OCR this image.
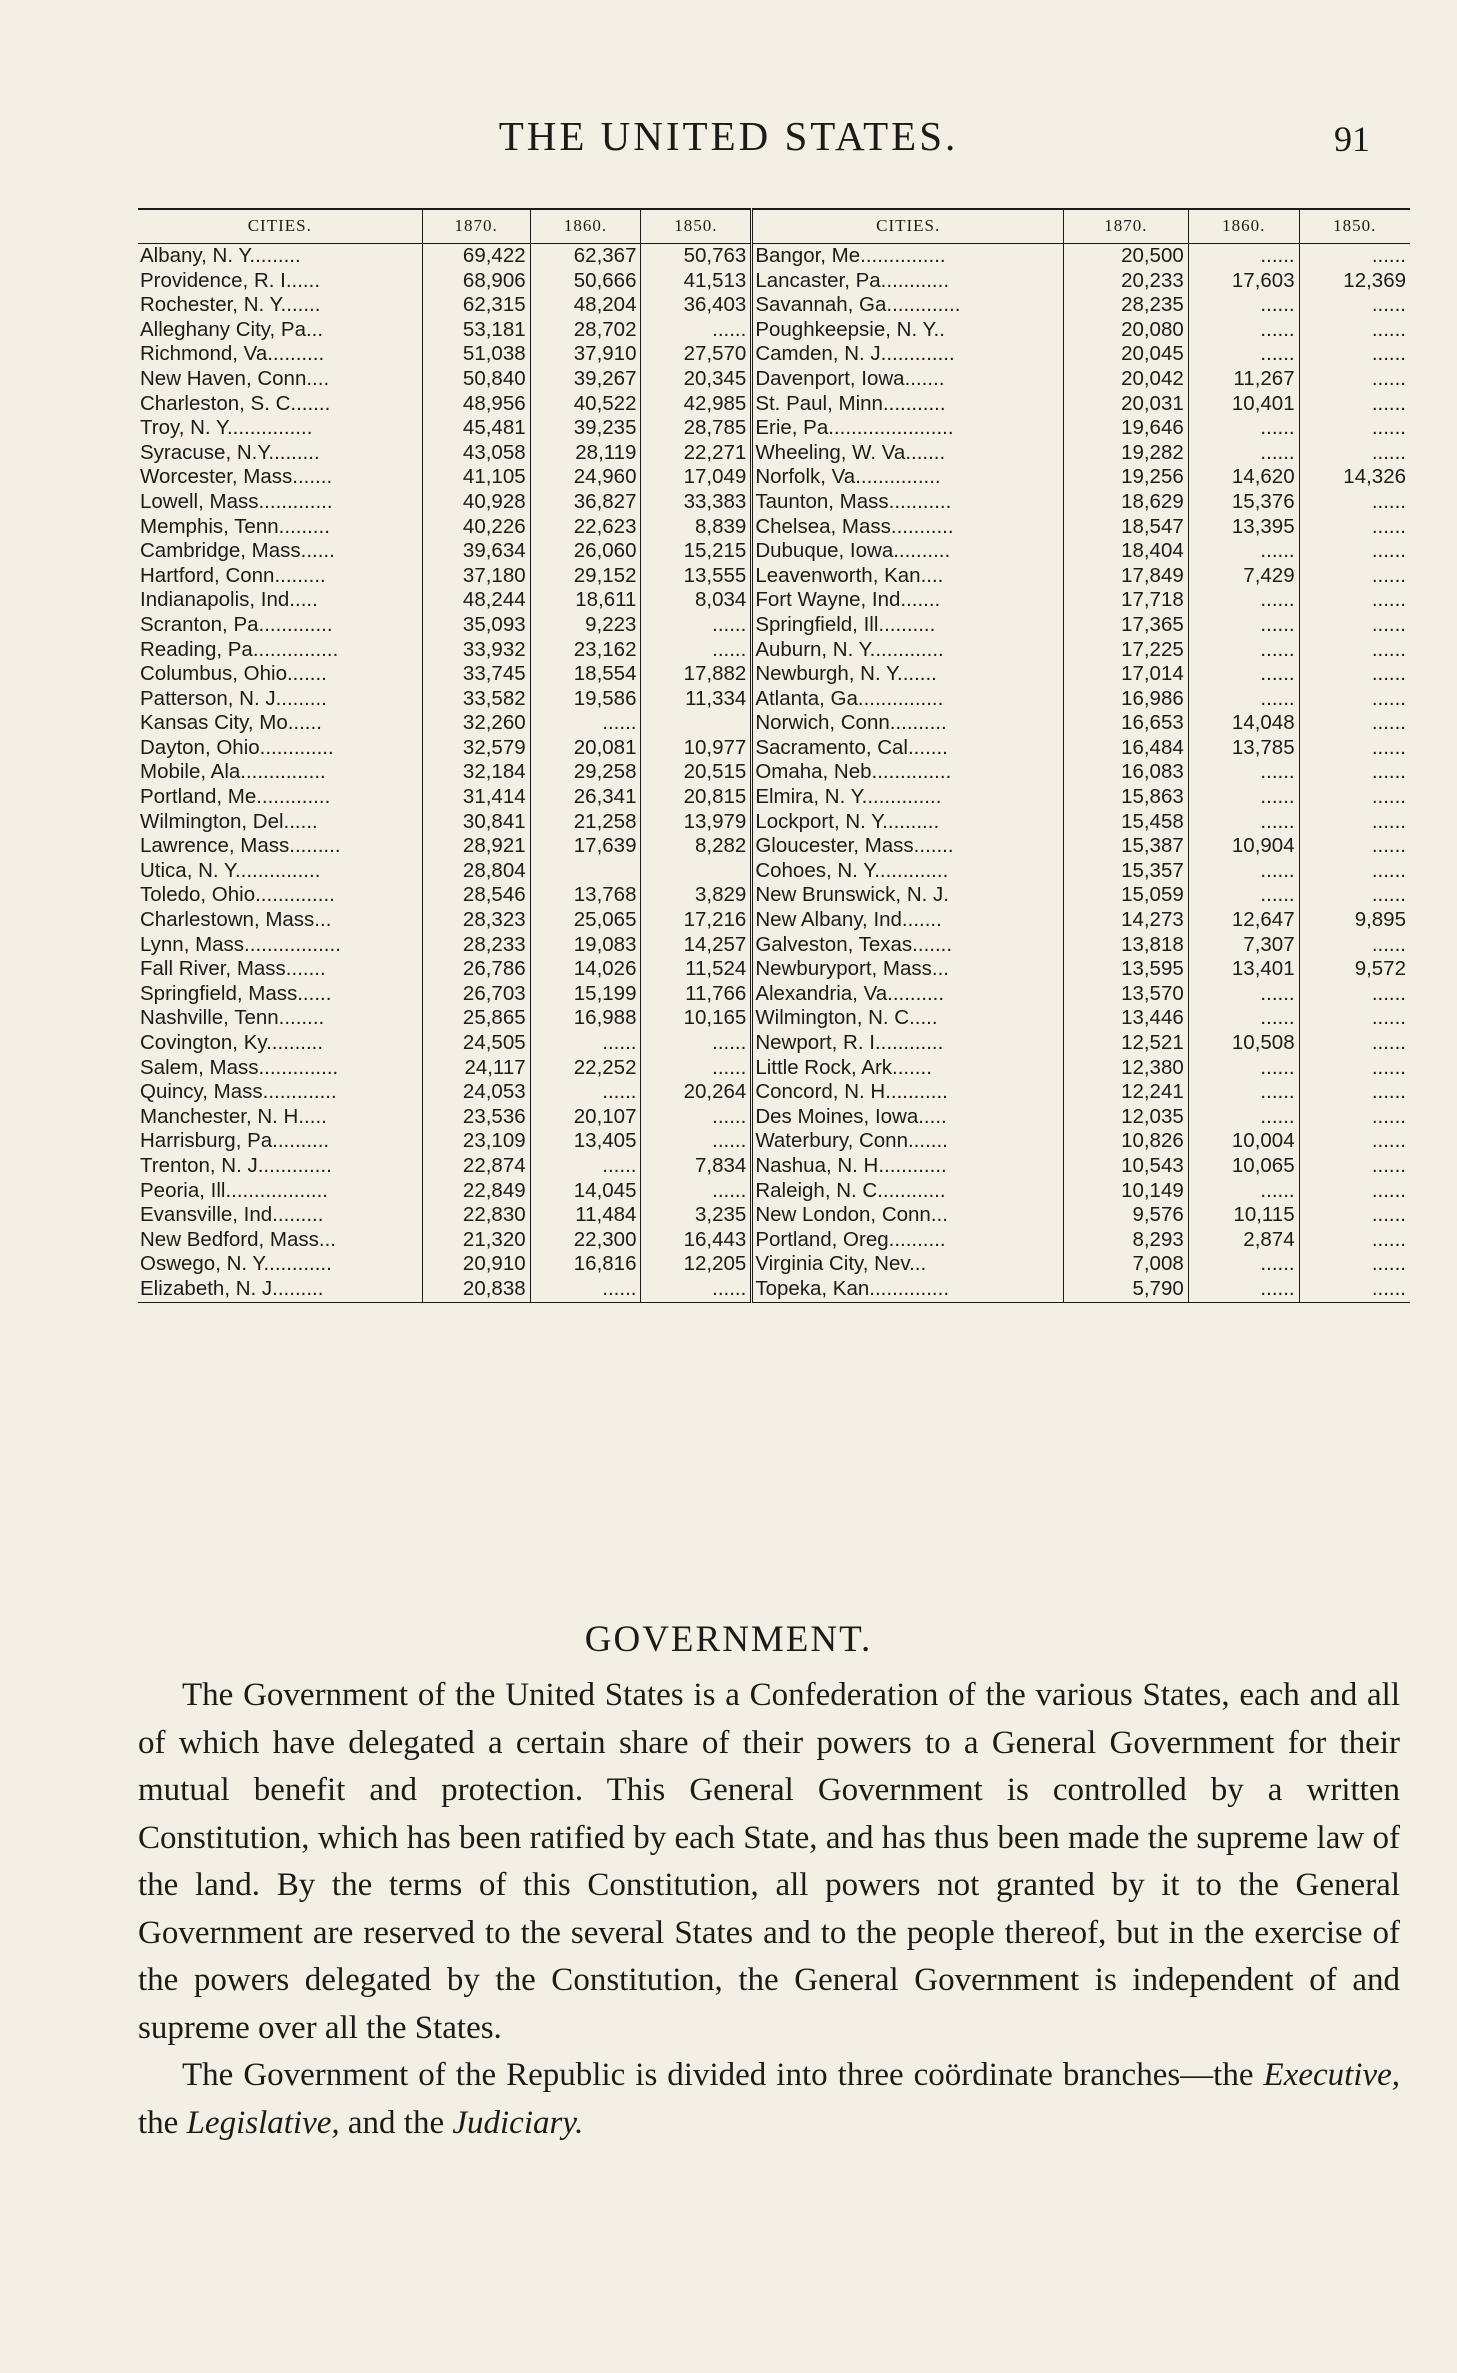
THE UNITED STATES.	91
CITIES.	1870.	1860.	1850.	CITIES.	1870.	1860.	1850.
Albany, N. Y.........	69,422	62,367	50,763	Bangor, Me...............	20,500	......	......
Providence, R. I......	68,906	50,666	41,513	Lancaster, Pa............	20,233	17,603	12,369
Rochester, N. Y.......	62,315	48,204	36,403	Savannah, Ga.............	28,235	......	......
Alleghany City, Pa...	53,181	28,702	......	Poughkeepsie, N. Y..	20,080	......	......
Richmond, Va..........	51,038	37,910	27,570	Camden, N. J.............	20,045	......	......
New Haven, Conn....	50,840	39,267	20,345	Davenport, Iowa.......	20,042	11,267	......
Charleston, S. C.......	48,956	40,522	42,985	St. Paul, Minn...........	20,031	10,401	......
Troy, N. Y...............	45,481	39,235	28,785	Erie, Pa......................	19,646	......	......
Syracuse, N.Y.........	43,058	28,119	22,271	Wheeling, W. Va.......	19,282	......	......
Worcester, Mass.......	41,105	24,960	17,049	Norfolk, Va...............	19,256	14,620	14,326
Lowell, Mass.............	40,928	36,827	33,383	Taunton, Mass...........	18,629	15,376	......
Memphis, Tenn.........	40,226	22,623	8,839	Chelsea, Mass...........	18,547	13,395	......
Cambridge, Mass......	39,634	26,060	15,215	Dubuque, Iowa..........	18,404	......	......
Hartford, Conn.........	37,180	29,152	13,555	Leavenworth, Kan....	17,849	7,429	......
Indianapolis, Ind.....	48,244	18,611	8,034	Fort Wayne, Ind.......	17,718	......	......
Scranton, Pa.............	35,093	9,223	......	Springfield, Ill..........	17,365	......	......
Reading, Pa...............	33,932	23,162	......	Auburn, N. Y.............	17,225	......	......
Columbus, Ohio.......	33,745	18,554	17,882	Newburgh, N. Y.......	17,014	......	......
Patterson, N. J.........	33,582	19,586	11,334	Atlanta, Ga...............	16,986	......	......
Kansas City, Mo......	32,260	......		Norwich, Conn..........	16,653	14,048	......
Dayton, Ohio.............	32,579	20,081	10,977	Sacramento, Cal.......	16,484	13,785	......
Mobile, Ala...............	32,184	29,258	20,515	Omaha, Neb..............	16,083	......	......
Portland, Me.............	31,414	26,341	20,815	Elmira, N. Y..............	15,863	......	......
Wilmington, Del......	30,841	21,258	13,979	Lockport, N. Y..........	15,458	......	......
Lawrence, Mass.........	28,921	17,639	8,282	Gloucester, Mass.......	15,387	10,904	......
Utica, N. Y...............	28,804			Cohoes, N. Y.............	15,357	......	......
Toledo, Ohio..............	28,546	13,768	3,829	New Brunswick, N. J.	15,059	......	......
Charlestown, Mass...	28,323	25,065	17,216	New Albany, Ind.......	14,273	12,647	9,895
Lynn, Mass.................	28,233	19,083	14,257	Galveston, Texas.......	13,818	7,307	......
Fall River, Mass.......	26,786	14,026	11,524	Newburyport, Mass...	13,595	13,401	9,572
Springfield, Mass......	26,703	15,199	11,766	Alexandria, Va..........	13,570	......	......
Nashville, Tenn........	25,865	16,988	10,165	Wilmington, N. C.....	13,446	......	......
Covington, Ky..........	24,505	......	......	Newport, R. I............	12,521	10,508	......
Salem, Mass..............	24,117	22,252	......	Little Rock, Ark.......	12,380	......	......
Quincy, Mass.............	24,053	......	20,264	Concord, N. H...........	12,241	......	......
Manchester, N. H.....	23,536	20,107	......	Des Moines, Iowa.....	12,035	......	......
Harrisburg, Pa..........	23,109	13,405	......	Waterbury, Conn.......	10,826	10,004	......
Trenton, N. J.............	22,874	......	7,834	Nashua, N. H............	10,543	10,065	......
Peoria, Ill..................	22,849	14,045	......	Raleigh, N. C............	10,149	......	......
Evansville, Ind.........	22,830	11,484	3,235	New London, Conn...	9,576	10,115	......
New Bedford, Mass...	21,320	22,300	16,443	Portland, Oreg..........	8,293	2,874	......
Oswego, N. Y............	20,910	16,816	12,205	Virginia City, Nev...	7,008	......	......
Elizabeth, N. J.........	20,838	......	......	Topeka, Kan..............	5,790	......	......
GOVERNMENT.

The Government of the United States is a Confederation of the various States, each and all of which have delegated a certain share of their powers to a General Government for their mutual benefit and protection. This General Government is controlled by a written Constitution, which has been ratified by each State, and has thus been made the supreme law of the land. By the terms of this Constitution, all powers not granted by it to the General Government are reserved to the several States and to the people thereof, but in the exercise of the powers delegated by the Constitution, the General Government is independent of and supreme over all the States.

The Government of the Republic is divided into three coördinate branches—the Executive, the Legislative, and the Judiciary.
